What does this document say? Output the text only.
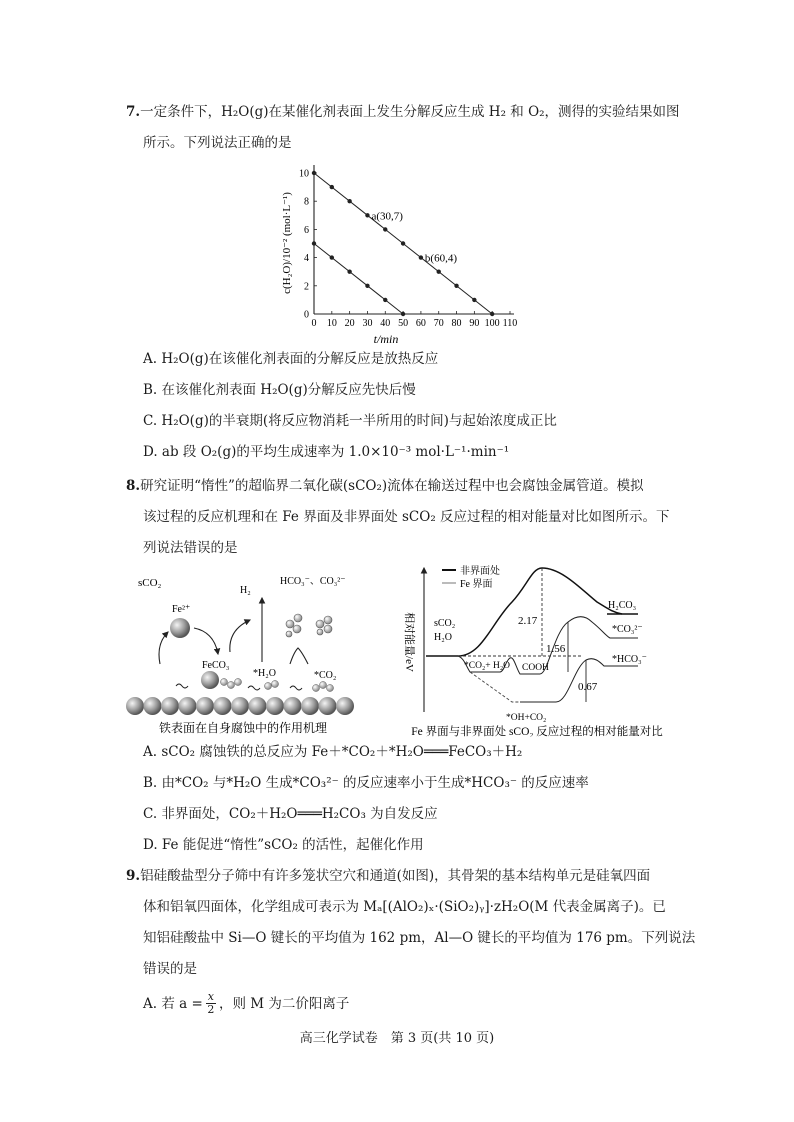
7.一定条件下，H₂O(g)在某催化剂表面上发生分解反应生成 H₂ 和 O₂，测得的实验结果如图
所示。下列说法正确的是
c(H₂O)/10⁻² (mol·L⁻¹)
t/min
0 10 20 30 40 50 60 70 80 90 100 110
0
2
4
6
8
10
a(30,7)
b(60,4)
A. H₂O(g)在该催化剂表面的分解反应是放热反应
B. 在该催化剂表面 H₂O(g)分解反应先快后慢
C. H₂O(g)的半衰期(将反应物消耗一半所用的时间)与起始浓度成正比
D. ab 段 O₂(g)的平均生成速率为 1.0×10⁻³ mol·L⁻¹·min⁻¹
8.研究证明“惰性”的超临界二氧化碳(sCO₂)流体在输送过程中也会腐蚀金属管道。模拟
该过程的反应机理和在 Fe 界面及非界面处 sCO₂ 反应过程的相对能量对比如图所示。下
列说法错误的是
sCO₂
Fe²⁺
H₂
HCO₃⁻、CO₃²⁻
FeCO₃
*H₂O	*CO₂
铁表面在自身腐蚀中的作用机理
相对能量/eV
非界面处
Fe 界面
sCO₂
H₂O
*CO₂+ H₂O COOH
*OH+CO₂
H₂CO₃
*CO₃²⁻
*HCO₃⁻
2.17
1.56
0.67
Fe 界面与非界面处 sCO₂ 反应过程的相对能量对比
A. sCO₂ 腐蚀铁的总反应为 Fe＋*CO₂＋*H₂O═══FeCO₃＋H₂
B. 由*CO₂ 与*H₂O 生成*CO₃²⁻ 的反应速率小于生成*HCO₃⁻ 的反应速率
C. 非界面处，CO₂＋H₂O═══H₂CO₃ 为自发反应
D. Fe 能促进“惰性”sCO₂ 的活性，起催化作用
9.铝硅酸盐型分子筛中有许多笼状空穴和通道(如图)，其骨架的基本结构单元是硅氧四面
体和铝氧四面体，化学组成可表示为 Mₐ[(AlO₂)ₓ·(SiO₂)ᵧ]·zH₂O(M 代表金属离子)。已
知铝硅酸盐中 Si—O 键长的平均值为 162 pm，Al—O 键长的平均值为 176 pm。下列说法
错误的是
A. 若 $a = \frac{x}{2}$ ，则 M 为二价阳离子
高三化学试卷　第 3 页(共 10 页)
